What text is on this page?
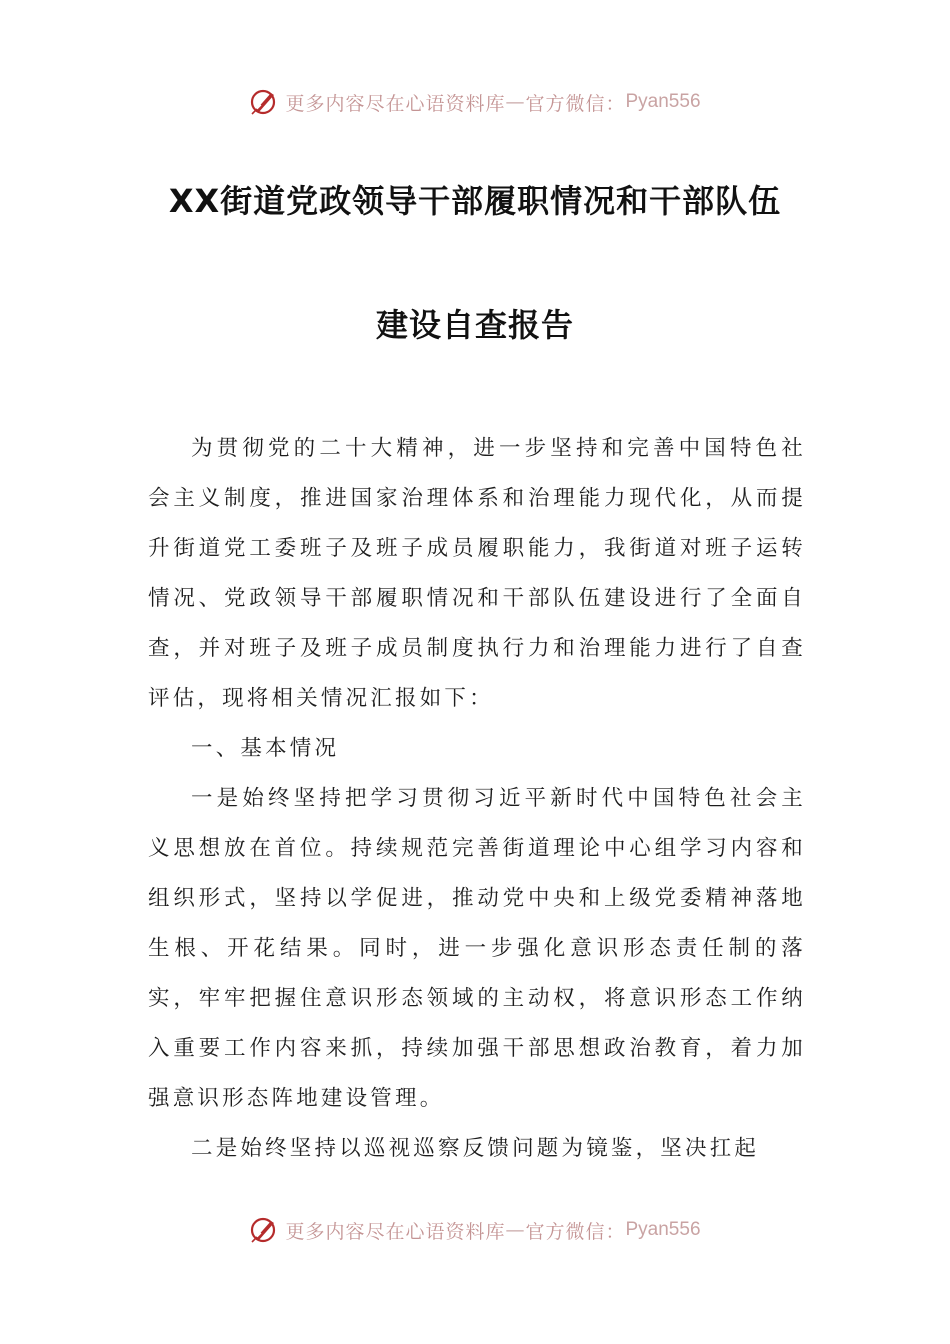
更多内容尽在心语资料库 — 官方微信： Pyan556
XX街道党政领导干部履职情况和干部队伍
建设自查报告

为贯彻党的二十大精神，进一步坚持和完善中国特色社会主义制度，推进国家治理体系和治理能力现代化，从而提升街道党工委班子及班子成员履职能力，我街道对班子运转情况、党政领导干部履职情况和干部队伍建设进行了全面自查，并对班子及班子成员制度执行力和治理能力进行了自查评估，现将相关情况汇报如下：

一、基本情况

一是始终坚持把学习贯彻习近平新时代中国特色社会主义思想放在首位。持续规范完善街道理论中心组学习内容和组织形式，坚持以学促进，推动党中央和上级党委精神落地生根、开花结果。同时，进一步强化意识形态责任制的落实，牢牢把握住意识形态领域的主动权，将意识形态工作纳入重要工作内容来抓，持续加强干部思想政治教育，着力加强意识形态阵地建设管理。

二是始终坚持以巡视巡察反馈问题为镜鉴，坚决扛起

更多内容尽在心语资料库 — 官方微信： Pyan556
